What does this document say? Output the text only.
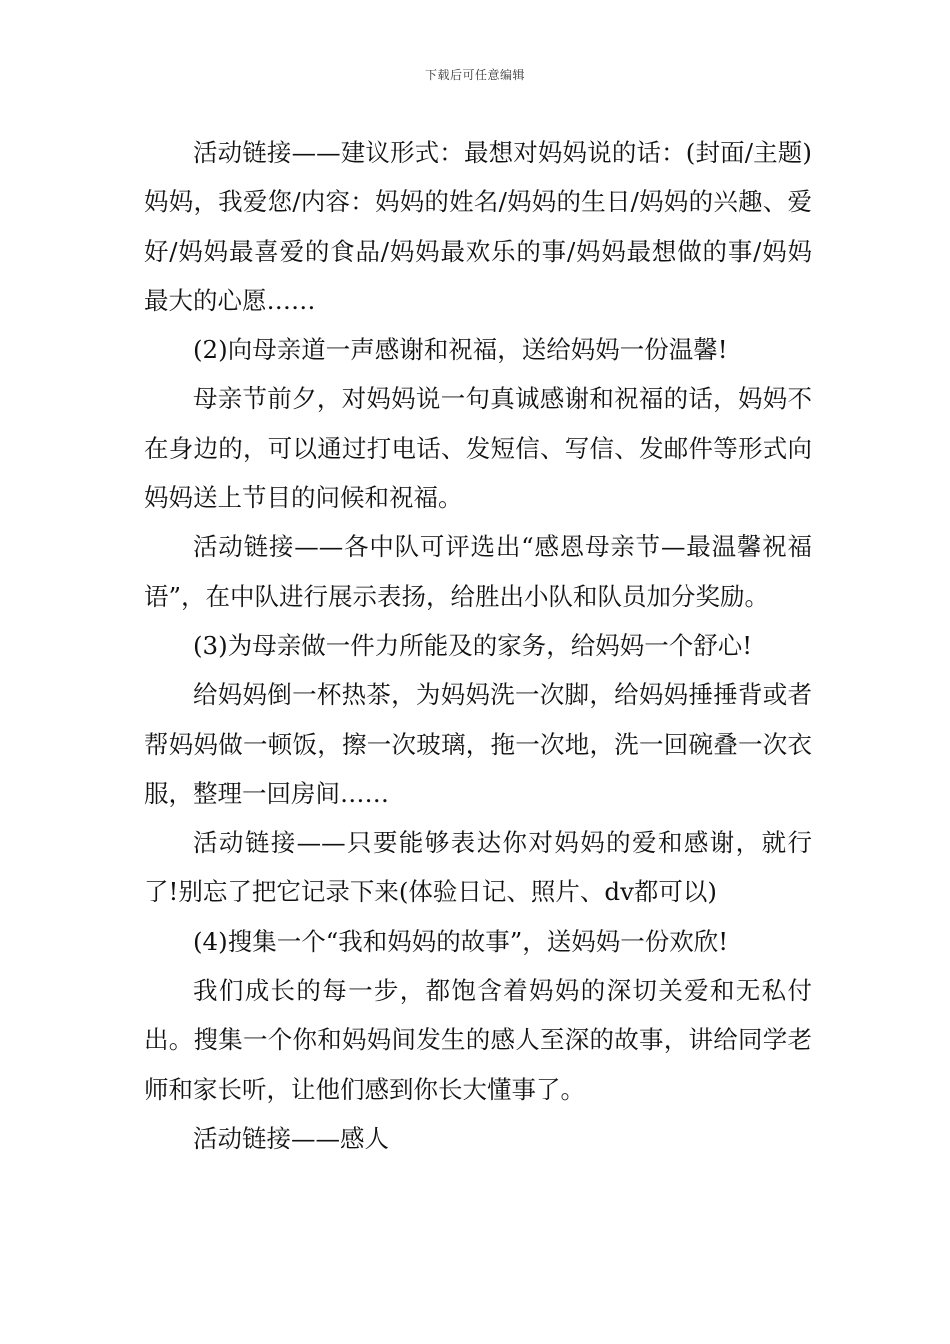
下载后可任意编辑

活动链接——建议形式：最想对妈妈说的话：(封面/主题)妈妈，我爱您/内容：妈妈的姓名/妈妈的生日/妈妈的兴趣、爱好/妈妈最喜爱的食品/妈妈最欢乐的事/妈妈最想做的事/妈妈最大的心愿……

(2)向母亲道一声感谢和祝福，送给妈妈一份温馨!

母亲节前夕，对妈妈说一句真诚感谢和祝福的话，妈妈不在身边的，可以通过打电话、发短信、写信、发邮件等形式向妈妈送上节目的问候和祝福。

活动链接——各中队可评选出“感恩母亲节—最温馨祝福语”，在中队进行展示表扬，给胜出小队和队员加分奖励。

(3)为母亲做一件力所能及的家务，给妈妈一个舒心!

给妈妈倒一杯热茶，为妈妈洗一次脚，给妈妈捶捶背或者帮妈妈做一顿饭，擦一次玻璃，拖一次地，洗一回碗叠一次衣服，整理一回房间……

活动链接——只要能够表达你对妈妈的爱和感谢，就行了!别忘了把它记录下来(体验日记、照片、dv都可以)

(4)搜集一个“我和妈妈的故事”，送妈妈一份欢欣!

我们成长的每一步，都饱含着妈妈的深切关爱和无私付出。搜集一个你和妈妈间发生的感人至深的故事，讲给同学老师和家长听，让他们感到你长大懂事了。

活动链接——感人
